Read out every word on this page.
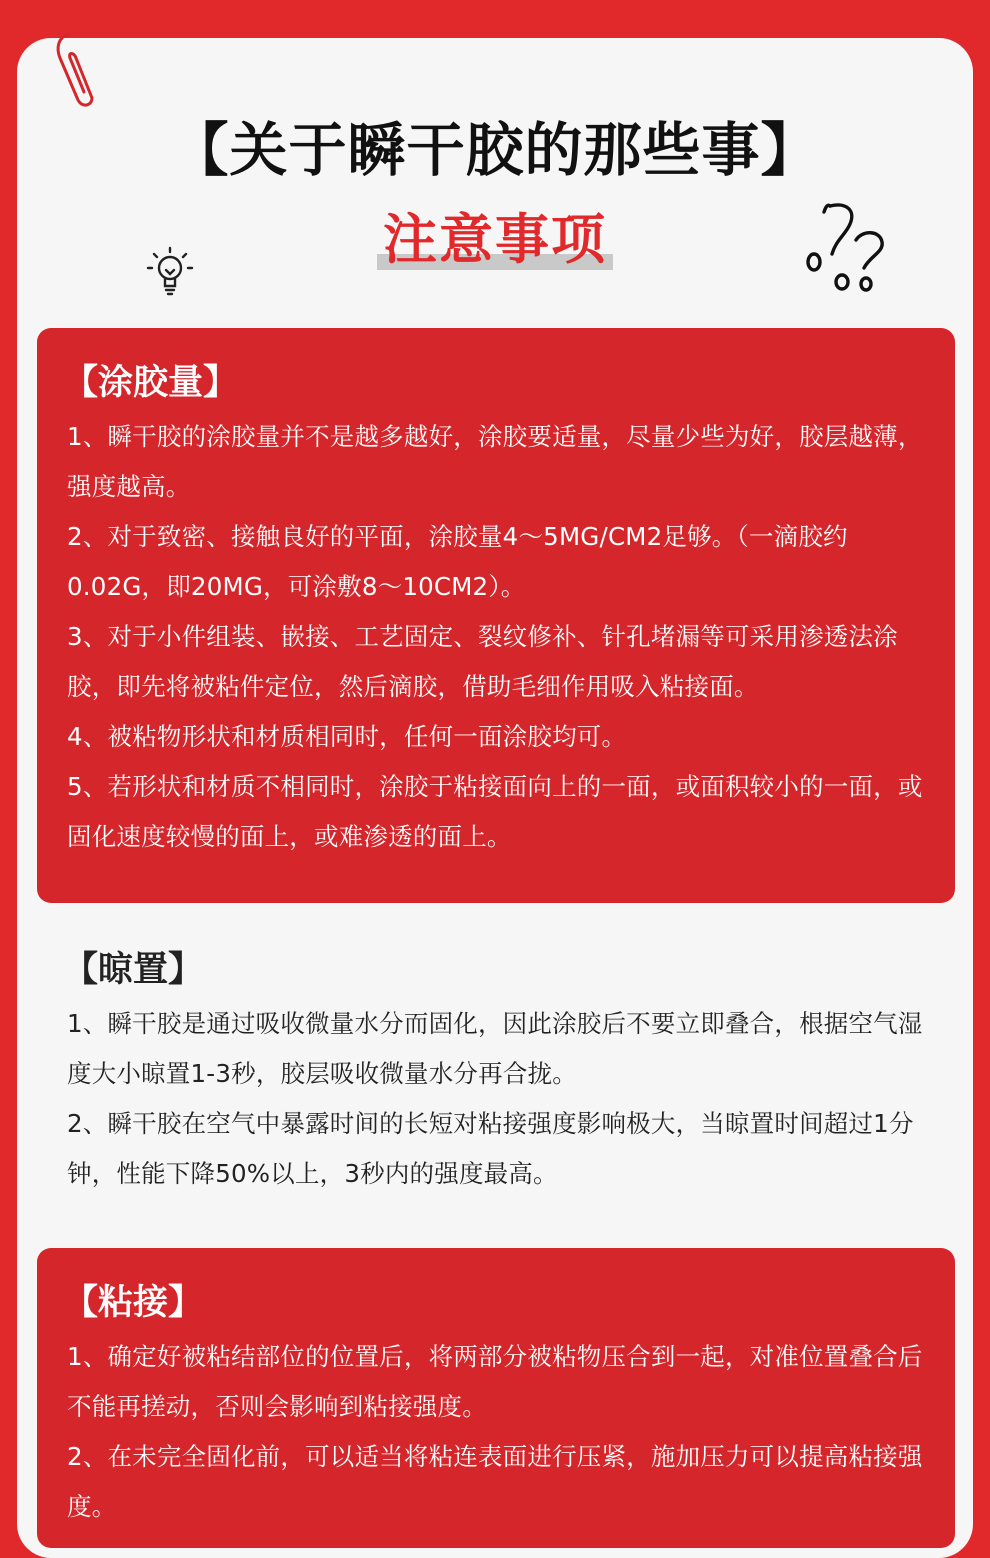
【关于瞬干胶的那些事】
注意事项
【涂胶量】

1、瞬干胶的涂胶量并不是越多越好，涂胶要适量，尽量少些为好，胶层越薄，强度越高。

2、对于致密、接触良好的平面，涂胶量4～5MG/CM2足够。（一滴胶约0.02G，即20MG，可涂敷8～10CM2）。

3、对于小件组装、嵌接、工艺固定、裂纹修补、针孔堵漏等可采用渗透法涂胶，即先将被粘件定位，然后滴胶，借助毛细作用吸入粘接面。

4、被粘物形状和材质相同时，任何一面涂胶均可。

5、若形状和材质不相同时，涂胶于粘接面向上的一面，或面积较小的一面，或固化速度较慢的面上，或难渗透的面上。

【晾置】

1、瞬干胶是通过吸收微量水分而固化，因此涂胶后不要立即叠合，根据空气湿度大小晾置1-3秒，胶层吸收微量水分再合拢。

2、瞬干胶在空气中暴露时间的长短对粘接强度影响极大，当晾置时间超过1分钟，性能下降50%以上，3秒内的强度最高。

【粘接】

1、确定好被粘结部位的位置后，将两部分被粘物压合到一起，对准位置叠合后不能再搓动，否则会影响到粘接强度。

2、在未完全固化前，可以适当将粘连表面进行压紧，施加压力可以提高粘接强度。
